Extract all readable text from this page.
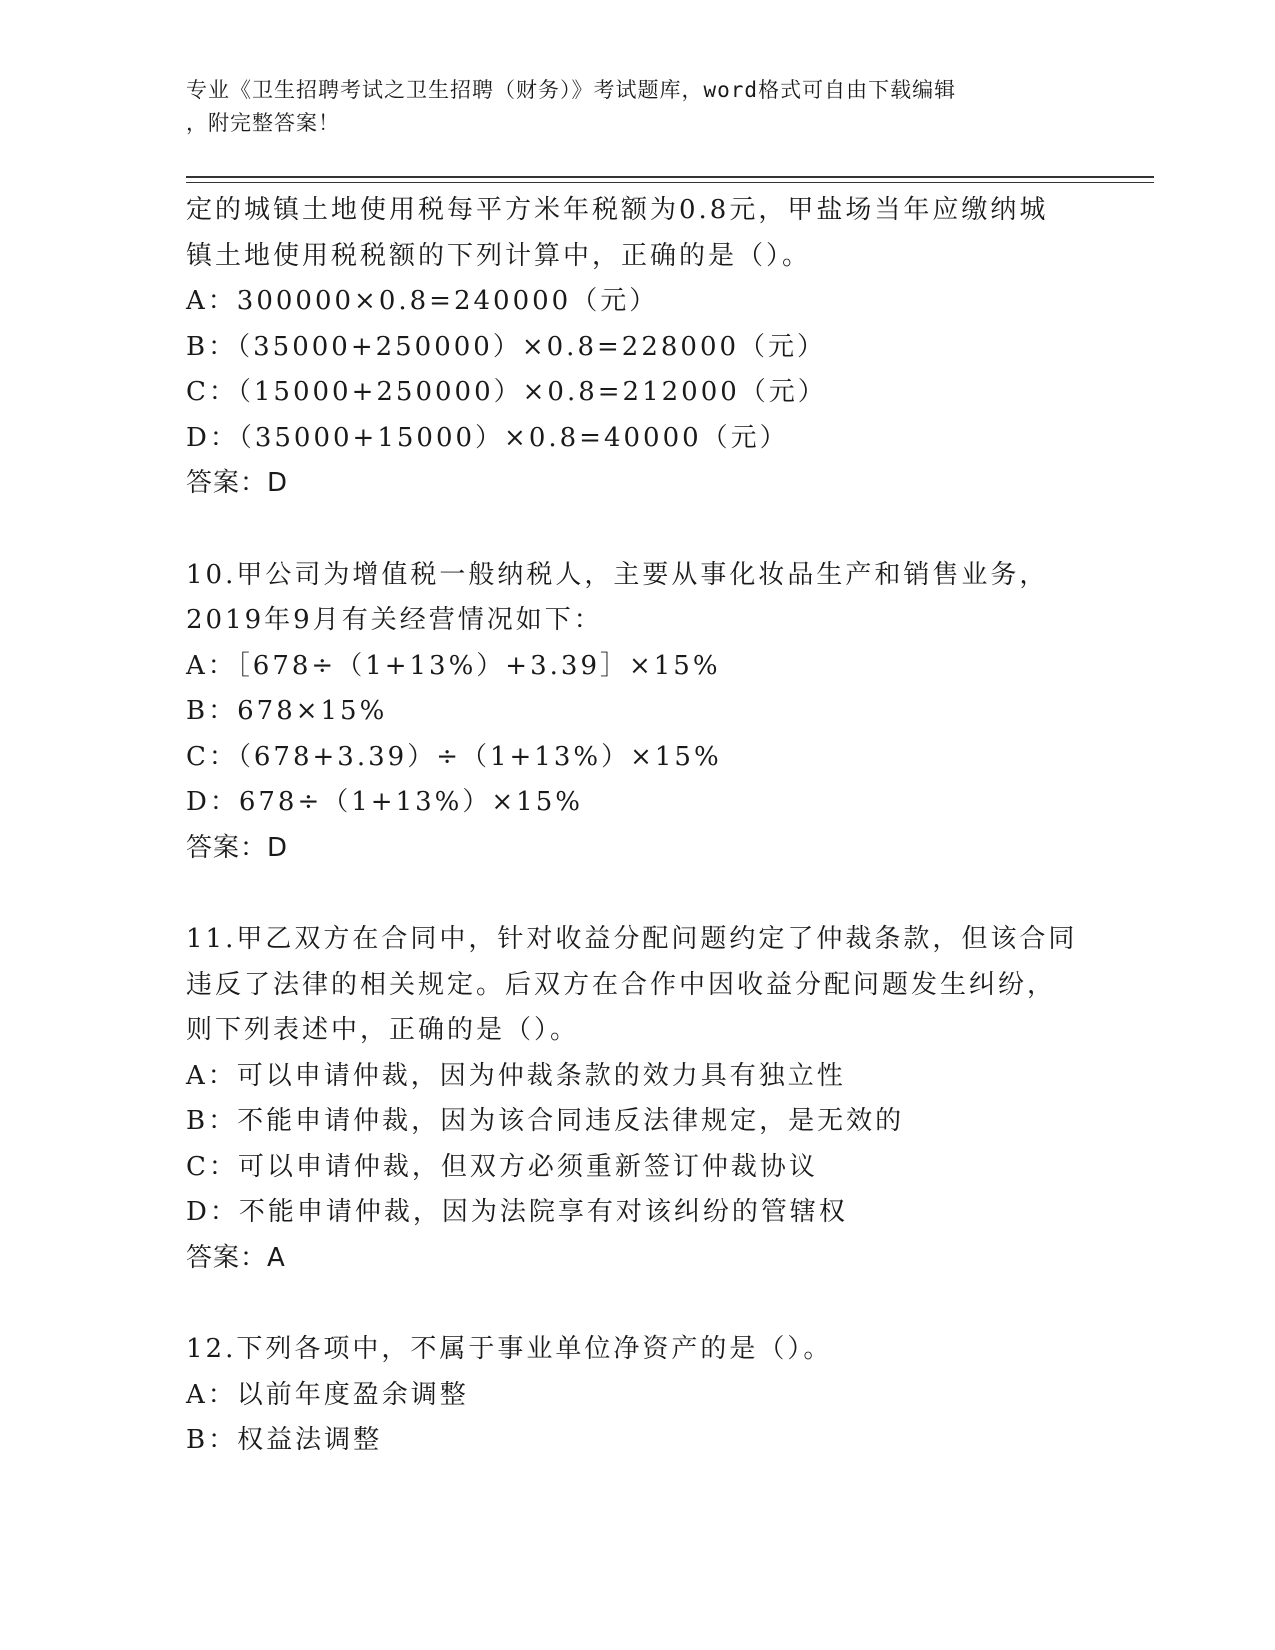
专业《卫生招聘考试之卫生招聘（财务）》考试题库，word格式可自由下载编辑
，附完整答案！
定的城镇土地使用税每平方米年税额为0.8元，甲盐场当年应缴纳城
镇土地使用税税额的下列计算中，正确的是（）。
A：300000×0.8=240000（元）
B：（35000+250000）×0.8=228000（元）
C：（15000+250000）×0.8=212000（元）
D：（35000+15000）×0.8=40000（元）
答案：D
10.甲公司为增值税一般纳税人，主要从事化妆品生产和销售业务，
2019年9月有关经营情况如下：
A：［678÷（1+13%）+3.39］×15%
B：678×15%
C：（678+3.39）÷（1+13%）×15%
D：678÷（1+13%）×15%
答案：D
11.甲乙双方在合同中，针对收益分配问题约定了仲裁条款，但该合同
违反了法律的相关规定。后双方在合作中因收益分配问题发生纠纷，
则下列表述中，正确的是（）。
A：可以申请仲裁，因为仲裁条款的效力具有独立性
B：不能申请仲裁，因为该合同违反法律规定，是无效的
C：可以申请仲裁，但双方必须重新签订仲裁协议
D：不能申请仲裁，因为法院享有对该纠纷的管辖权
答案：A
12.下列各项中，不属于事业单位净资产的是（）。
A：以前年度盈余调整
B：权益法调整
